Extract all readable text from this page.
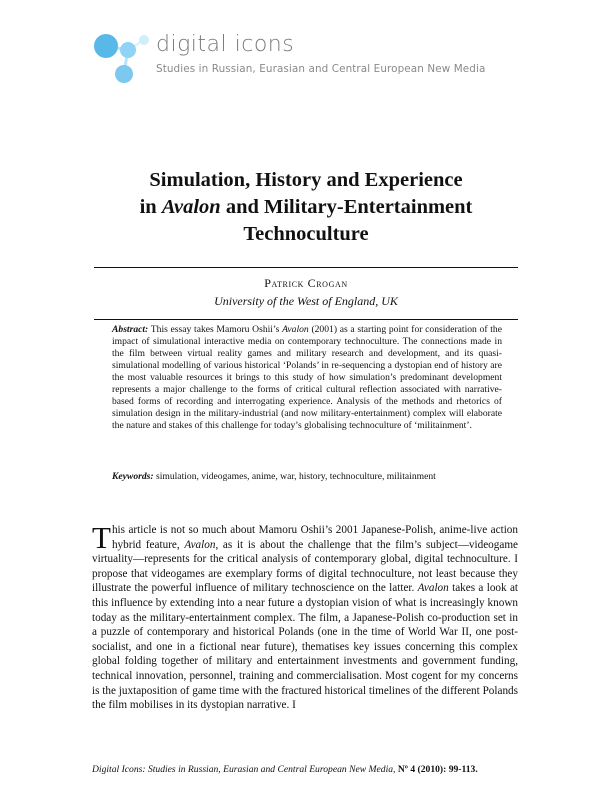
digital icons
Studies in Russian, Eurasian and Central European New Media
Simulation, History and Experience
in Avalon and Military-Entertainment
Technoculture
Patrick Crogan
University of the West of England, UK
Abstract: This essay takes Mamoru Oshii’s Avalon (2001) as a starting point for consideration of the impact of simulational interactive media on contemporary technoculture. The connections made in the film between virtual reality games and military research and development, and its quasi-simulational modelling of various historical ‘Polands’ in re-sequencing a dystopian end of history are the most valuable resources it brings to this study of how simulation’s predominant development represents a major challenge to the forms of critical cultural reflection associated with narrative-based forms of recording and interrogating experience. Analysis of the methods and rhetorics of simulation design in the military-industrial (and now military-entertainment) complex will elaborate the nature and stakes of this challenge for today’s globalising technoculture of ‘militainment’.
Keywords: simulation, videogames, anime, war, history, technoculture, militainment
This article is not so much about Mamoru Oshii’s 2001 Japanese-Polish, anime-live action hybrid feature, Avalon, as it is about the challenge that the film’s subject—videogame virtuality—represents for the critical analysis of contemporary global, digital technoculture. I propose that videogames are exemplary forms of digital technoculture, not least because they illustrate the powerful influence of military technoscience on the latter. Avalon takes a look at this influence by extending into a near future a dystopian vision of what is increasingly known today as the military-entertainment complex. The film, a Japanese-Polish co-production set in a puzzle of contemporary and historical Polands (one in the time of World War II, one post-socialist, and one in a fictional near future), thematises key issues concerning this complex global folding together of military and entertainment investments and government funding, technical innovation, personnel, training and commercialisation. Most cogent for my concerns is the juxtaposition of game time with the fractured historical timelines of the different Polands the film mobilises in its dystopian narrative. I
Digital Icons: Studies in Russian, Eurasian and Central European New Media, Nº 4 (2010): 99-113.
